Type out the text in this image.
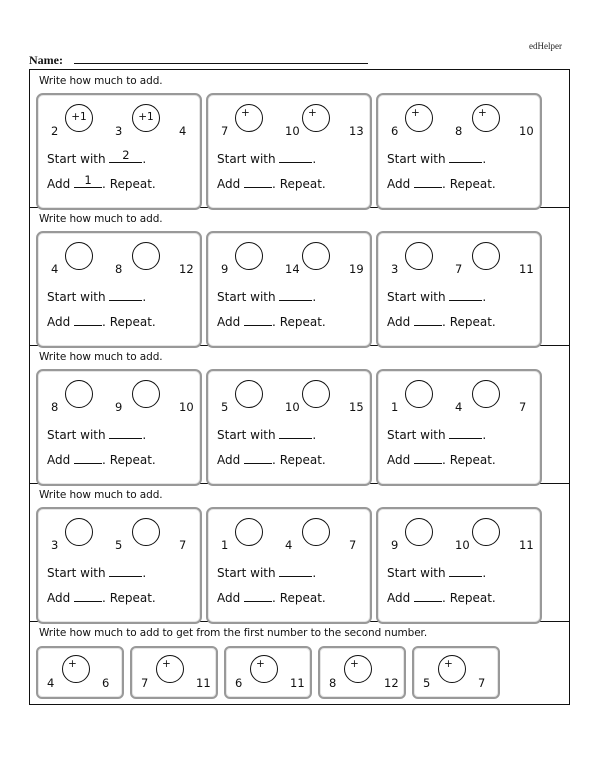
edHelper
Name:
Write how much to add.
2	3	4
+1	+1
Start with	2	.
Add 1 . Repeat.
7	10	13
+	+
Start with	.
Add . Repeat.
6	8	10
+	+
Start with	.
Add . Repeat.
Write how much to add.
4	8	12
Start with	.
Add . Repeat.
9	14	19
Start with	.
Add . Repeat.
3	7	11
Start with	.
Add . Repeat.
Write how much to add.
8	9	10
Start with	.
Add . Repeat.
5	10	15
Start with	.
Add . Repeat.
1	4	7
Start with	.
Add . Repeat.
Write how much to add.
3	5	7
Start with	.
Add . Repeat.
1	4	7
Start with	.
Add . Repeat.
9	10	11
Start with	.
Add . Repeat.
Write how much to add to get from the first number to the second number.
4
+
6	7
+
11 6
+
11 8
+
12 5
+
7
